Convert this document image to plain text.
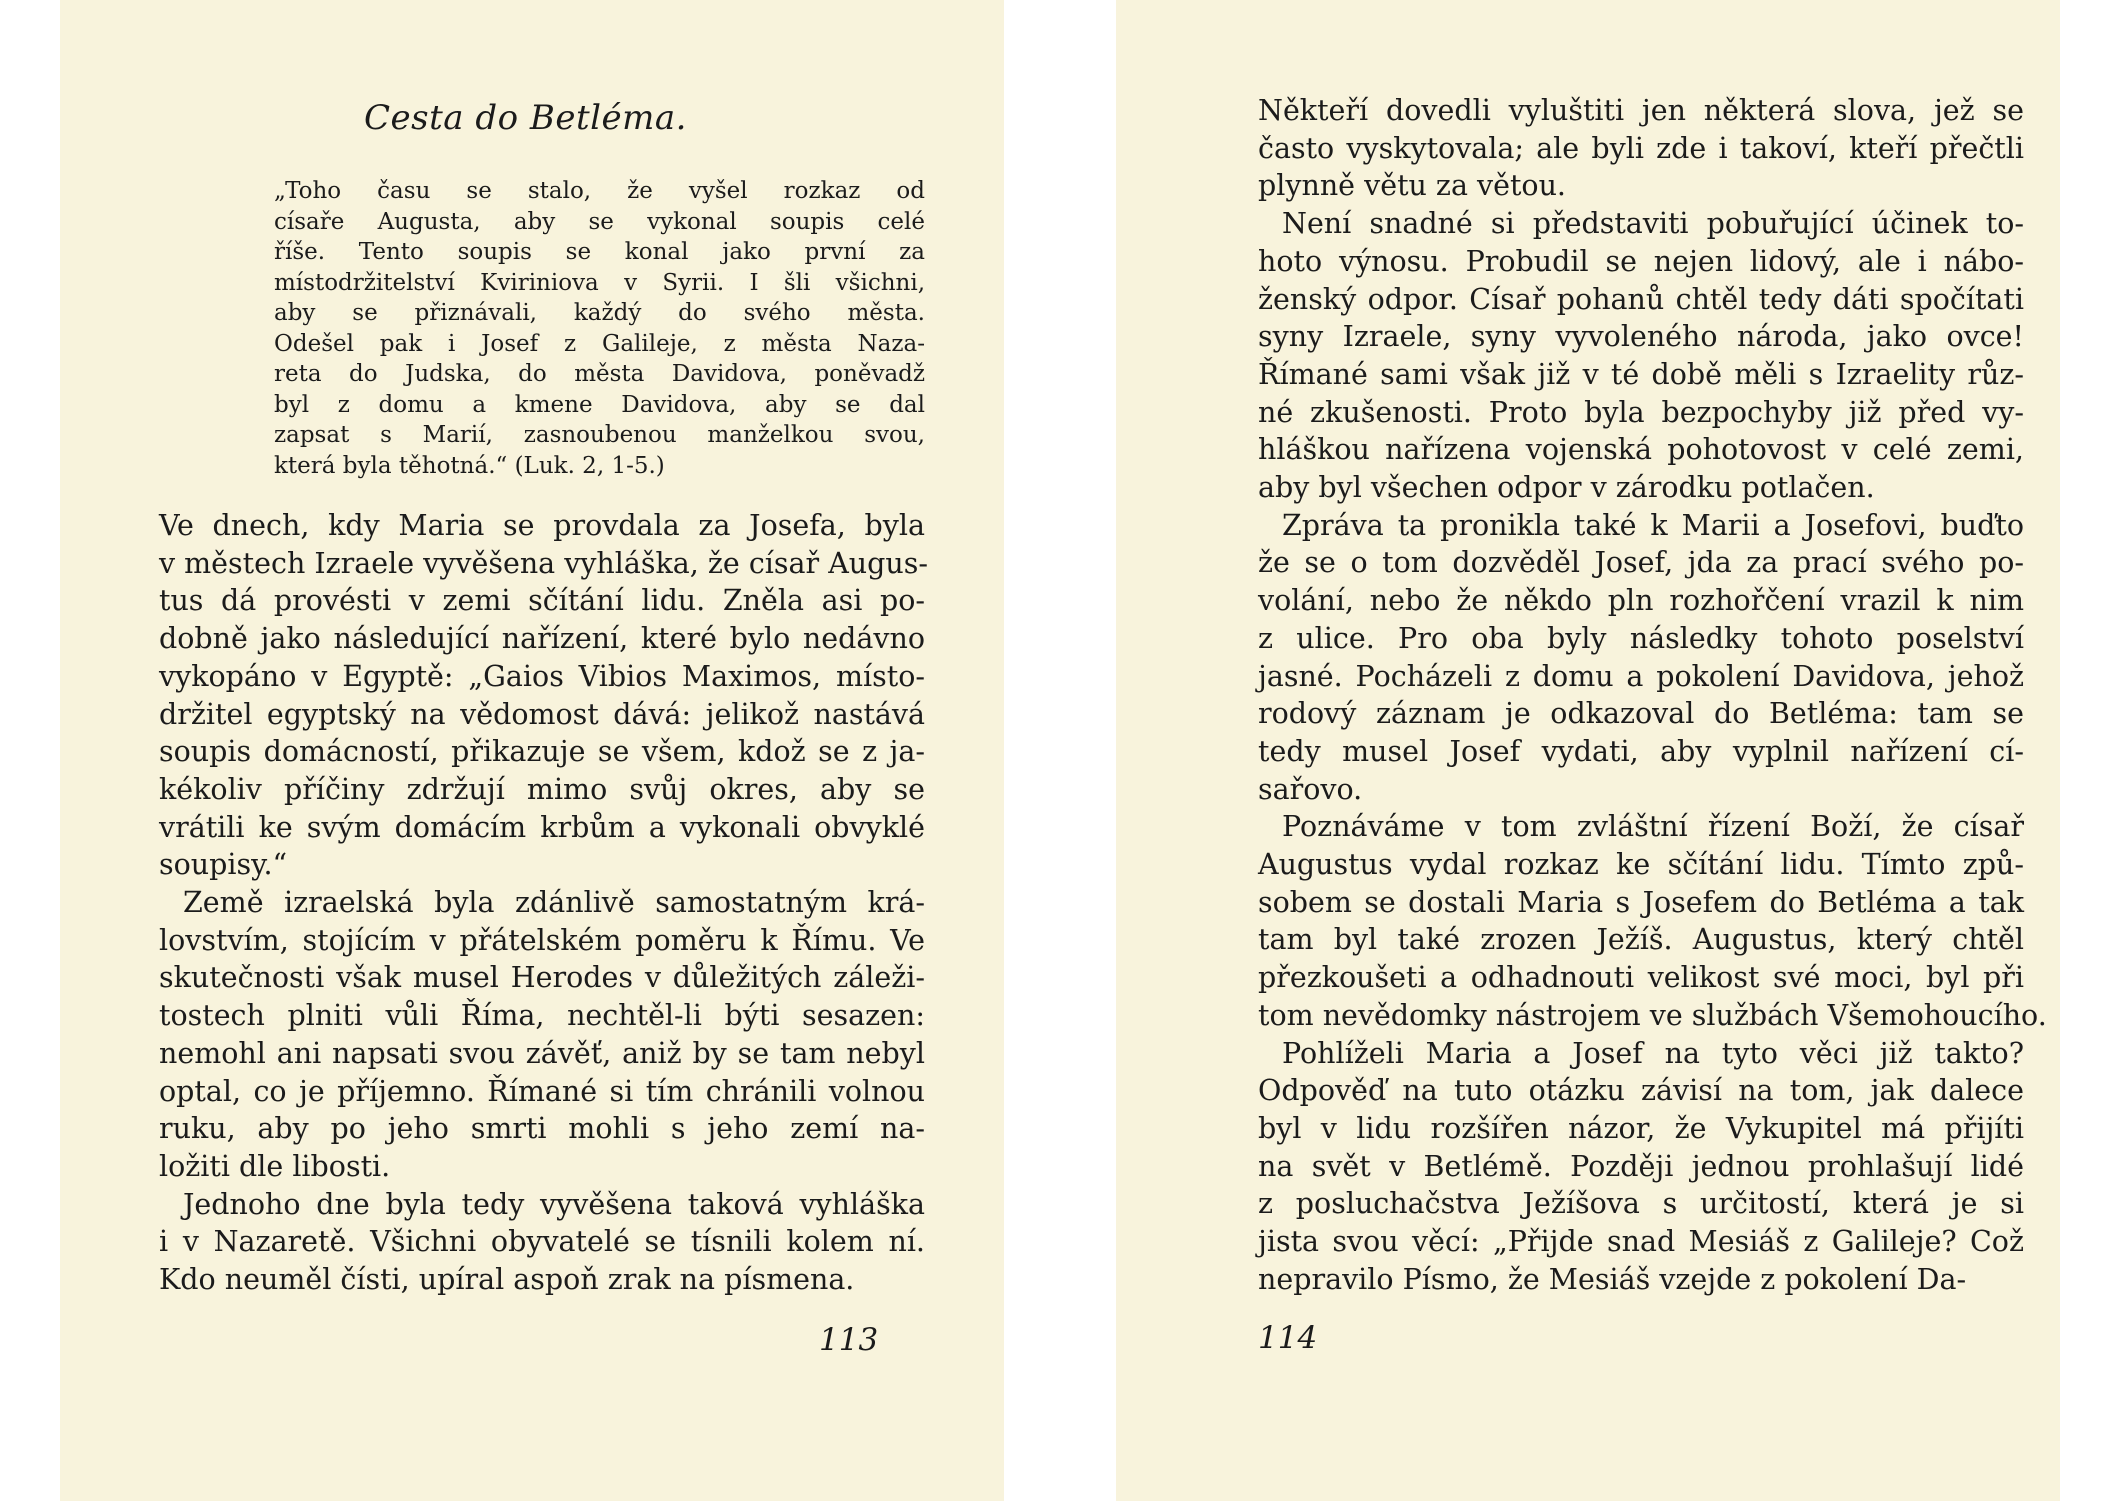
Cesta do Betléma.
„Toho času se stalo, že vyšel rozkaz od
císaře Augusta, aby se vykonal soupis celé
říše. Tento soupis se konal jako první za
místodržitelství Kviriniova v Syrii. I šli všichni,
aby se přiznávali, každý do svého města.
Odešel pak i Josef z Galileje, z města Naza-
reta do Judska, do města Davidova, poněvadž
byl z domu a kmene Davidova, aby se dal
zapsat s Marií, zasnoubenou manželkou svou,
která byla těhotná.“ (Luk. 2, 1-5.)
Ve dnech, kdy Maria se provdala za Josefa, byla
v městech Izraele vyvěšena vyhláška, že císař Augus-
tus dá provésti v zemi sčítání lidu. Zněla asi po-
dobně jako následující nařízení, které bylo nedávno
vykopáno v Egyptě: „Gaios Vibios Maximos, místo-
držitel egyptský na vědomost dává: jelikož nastává
soupis domácností, přikazuje se všem, kdož se z ja-
kékoliv příčiny zdržují mimo svůj okres, aby se
vrátili ke svým domácím krbům a vykonali obvyklé
soupisy.“
Země izraelská byla zdánlivě samostatným krá-
lovstvím, stojícím v přátelském poměru k Římu. Ve
skutečnosti však musel Herodes v důležitých záleži-
tostech plniti vůli Říma, nechtěl-li býti sesazen:
nemohl ani napsati svou závěť, aniž by se tam nebyl
optal, co je příjemno. Římané si tím chránili volnou
ruku, aby po jeho smrti mohli s jeho zemí na-
ložiti dle libosti.
Jednoho dne byla tedy vyvěšena taková vyhláška
i v Nazaretě. Všichni obyvatelé se tísnili kolem ní.
Kdo neuměl čísti, upíral aspoň zrak na písmena.
113
Někteří dovedli vyluštiti jen některá slova, jež se
často vyskytovala; ale byli zde i takoví, kteří přečtli
plynně větu za větou.
Není snadné si představiti pobuřující účinek to-
hoto výnosu. Probudil se nejen lidový, ale i nábo-
ženský odpor. Císař pohanů chtěl tedy dáti spočítati
syny Izraele, syny vyvoleného národa, jako ovce!
Římané sami však již v té době měli s Izraelity růz-
né zkušenosti. Proto byla bezpochyby již před vy-
hláškou nařízena vojenská pohotovost v celé zemi,
aby byl všechen odpor v zárodku potlačen.
Zpráva ta pronikla také k Marii a Josefovi, buďto
že se o tom dozvěděl Josef, jda za prací svého po-
volání, nebo že někdo pln rozhořčení vrazil k nim
z ulice. Pro oba byly následky tohoto poselství
jasné. Pocházeli z domu a pokolení Davidova, jehož
rodový záznam je odkazoval do Betléma: tam se
tedy musel Josef vydati, aby vyplnil nařízení cí-
sařovo.
Poznáváme v tom zvláštní řízení Boží, že císař
Augustus vydal rozkaz ke sčítání lidu. Tímto způ-
sobem se dostali Maria s Josefem do Betléma a tak
tam byl také zrozen Ježíš. Augustus, který chtěl
přezkoušeti a odhadnouti velikost své moci, byl při
tom nevědomky nástrojem ve službách Všemohoucího.
Pohlíželi Maria a Josef na tyto věci již takto?
Odpověď na tuto otázku závisí na tom, jak dalece
byl v lidu rozšířen názor, že Vykupitel má přijíti
na svět v Betlémě. Později jednou prohlašují lidé
z posluchačstva Ježíšova s určitostí, která je si
jista svou věcí: „Přijde snad Mesiáš z Galileje? Což
nepravilo Písmo, že Mesiáš vzejde z pokolení Da-
114
